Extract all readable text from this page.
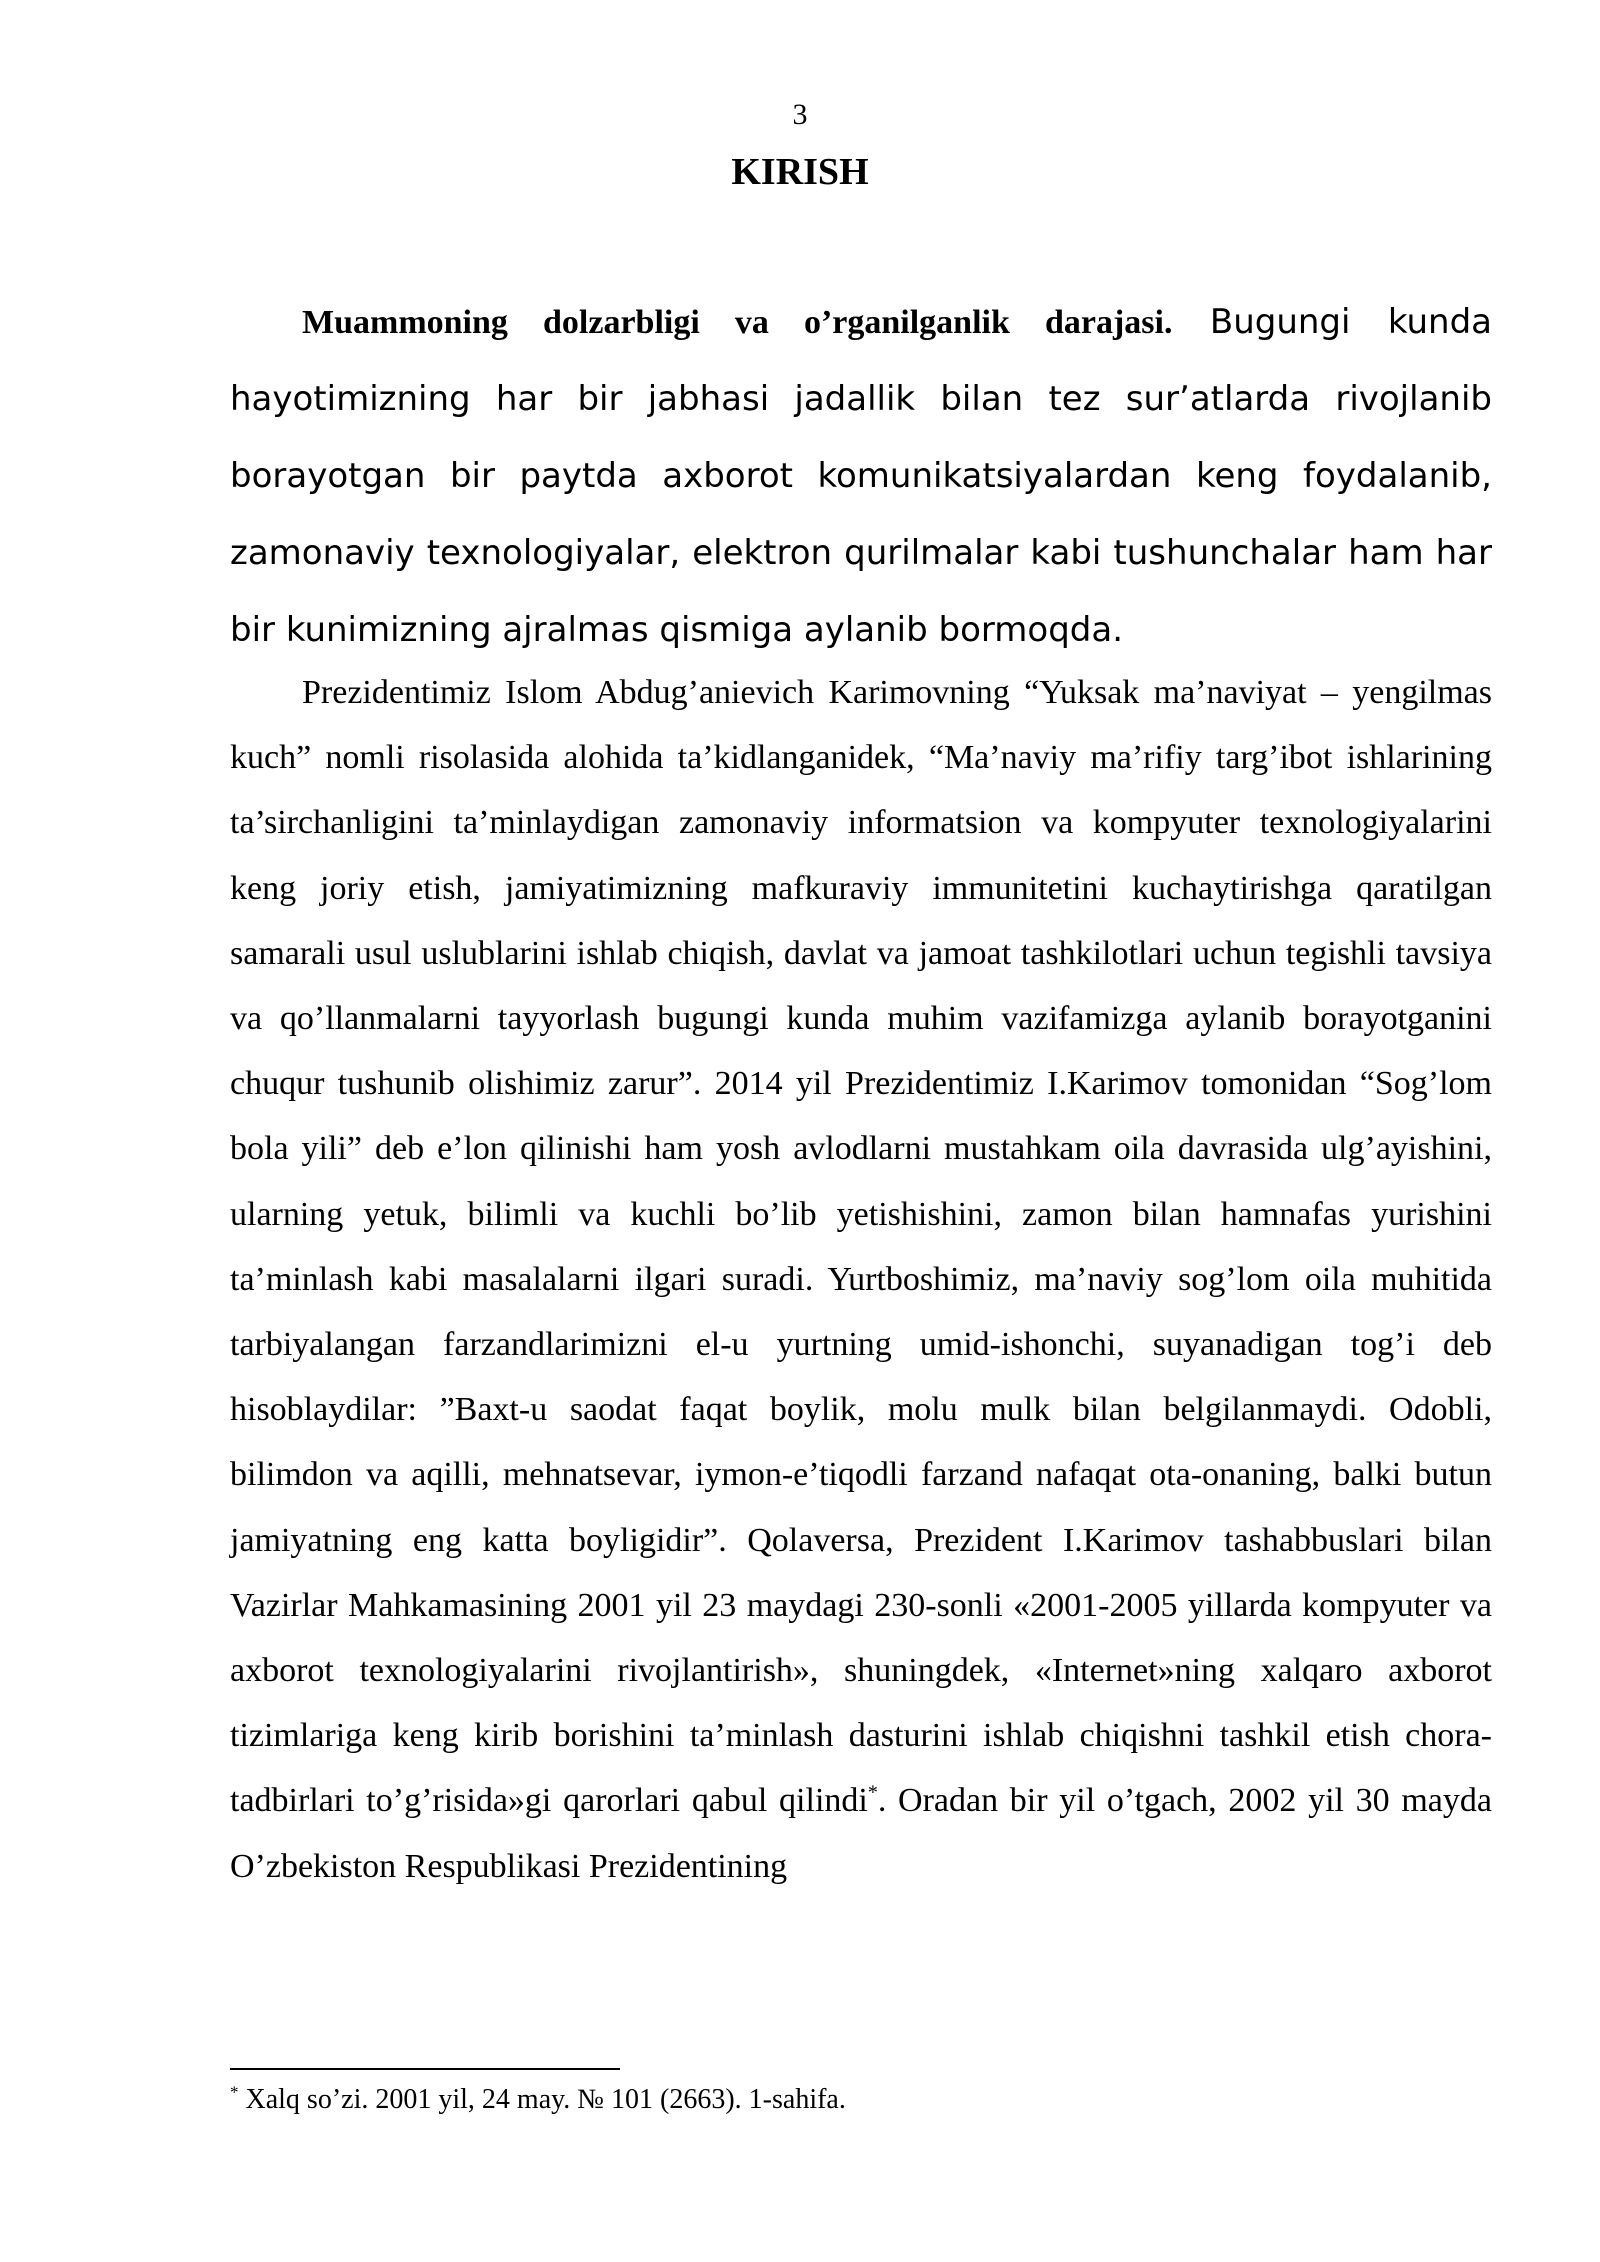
3
KIRISH

Muammoning dolzarbligi va o’rganilganlik darajasi. Bugungi kunda hayotimizning har bir jabhasi jadallik bilan tez sur’atlarda rivojlanib borayotgan bir paytda axborot komunikatsiyalardan keng foydalanib, zamonaviy texnologiyalar, elektron qurilmalar kabi tushunchalar ham har bir kunimizning ajralmas qismiga aylanib bormoqda.

Prezidentimiz Islom Abdug’anievich Karimovning “Yuksak ma’naviyat – yengilmas kuch” nomli risolasida alohida ta’kidlanganidek, “Ma’naviy ma’rifiy targ’ibot ishlarining ta’sirchanligini ta’minlaydigan zamonaviy informatsion va kompyuter texnologiyalarini keng joriy etish, jamiyatimizning mafkuraviy immunitetini kuchaytirishga qaratilgan samarali usul uslublarini ishlab chiqish, davlat va jamoat tashkilotlari uchun tegishli tavsiya va qo’llanmalarni tayyorlash bugungi kunda muhim vazifamizga aylanib borayotganini chuqur tushunib olishimiz zarur”. 2014 yil Prezidentimiz I.Karimov tomonidan “Sog’lom bola yili” deb e’lon qilinishi ham yosh avlodlarni mustahkam oila davrasida ulg’ayishini, ularning yetuk, bilimli va kuchli bo’lib yetishishini, zamon bilan hamnafas yurishini ta’minlash kabi masalalarni ilgari suradi. Yurtboshimiz, ma’naviy sog’lom oila muhitida tarbiyalangan farzandlarimizni el-u yurtning umid-ishonchi, suyanadigan tog’i deb hisoblaydilar: ”Baxt-u saodat faqat boylik, molu mulk bilan belgilanmaydi. Odobli, bilimdon va aqilli, mehnatsevar, iymon-e’tiqodli farzand nafaqat ota-onaning, balki butun jamiyatning eng katta boyligidir”. Qolaversa, Prezident I.Karimov tashabbuslari bilan Vazirlar Mahkamasining 2001 yil 23 maydagi 230-sonli «2001-2005 yillarda kompyuter va axborot texnologiyalarini rivojlantirish», shuningdek, «Internet»ning xalqaro axborot tizimlariga keng kirib borishini ta’minlash dasturini ishlab chiqishni tashkil etish chora-tadbirlari to’g’risida»gi qarorlari qabul qilindi*. Oradan bir yil o’tgach, 2002 yil 30 mayda O’zbekiston Respublikasi Prezidentining

* Xalq so’zi. 2001 yil, 24 may. № 101 (2663). 1-sahifa.
